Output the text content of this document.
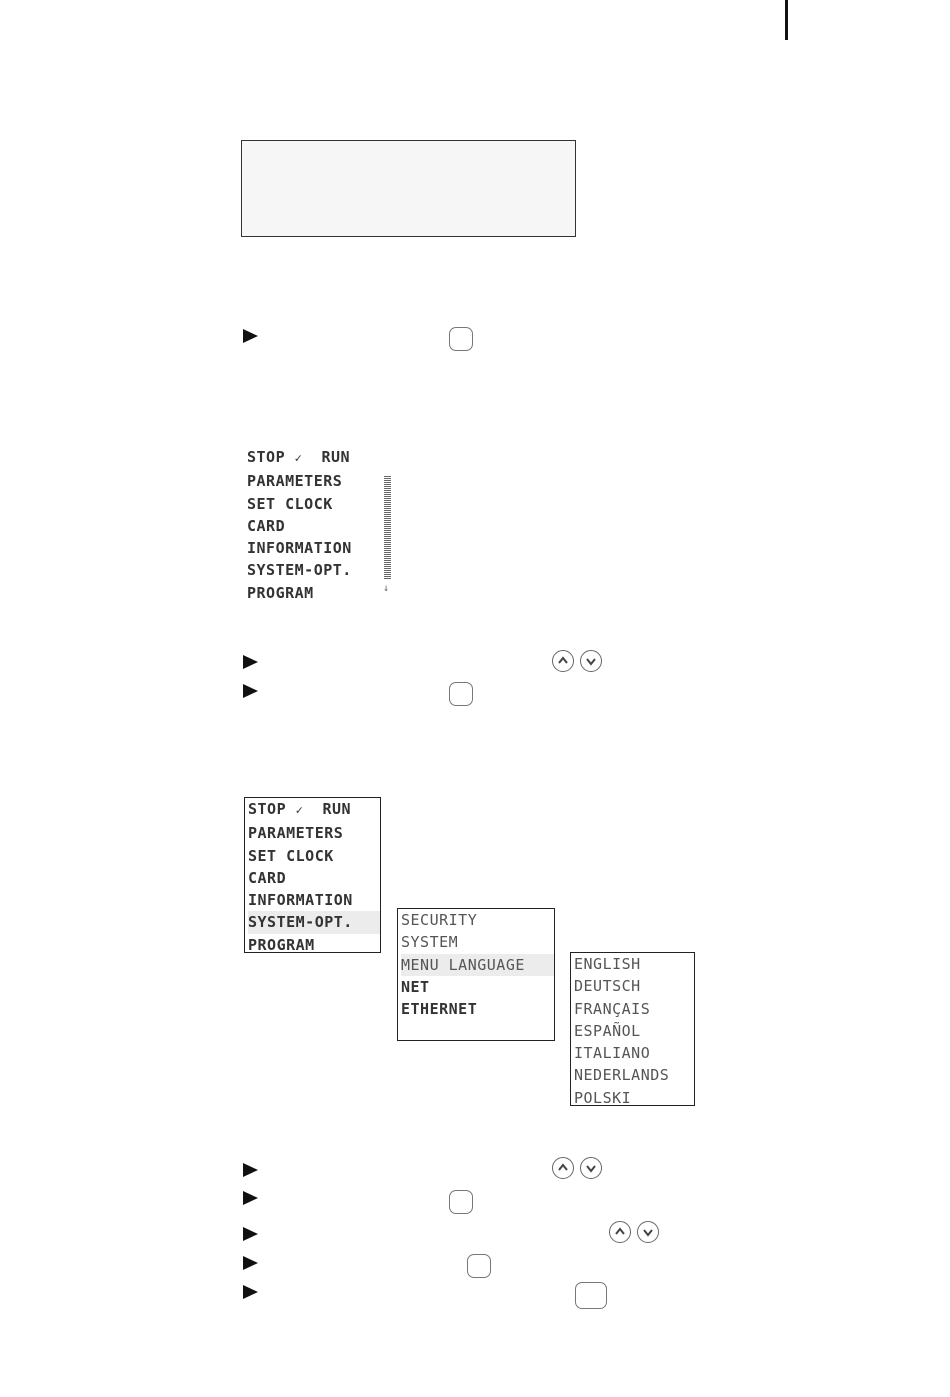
STOP ✓ RUN
PARAMETERS
SET CLOCK
CARD
INFORMATION
SYSTEM-OPT.
PROGRAM	↓
STOP ✓ RUN
PARAMETERS
SET CLOCK
CARD
INFORMATION
SYSTEM-OPT.
PROGRAM
SECURITY
SYSTEM
MENU LANGUAGE
NET
ETHERNET
ENGLISH
DEUTSCH
FRANÇAIS
ESPAÑOL
ITALIANO
NEDERLANDS
POLSKI
